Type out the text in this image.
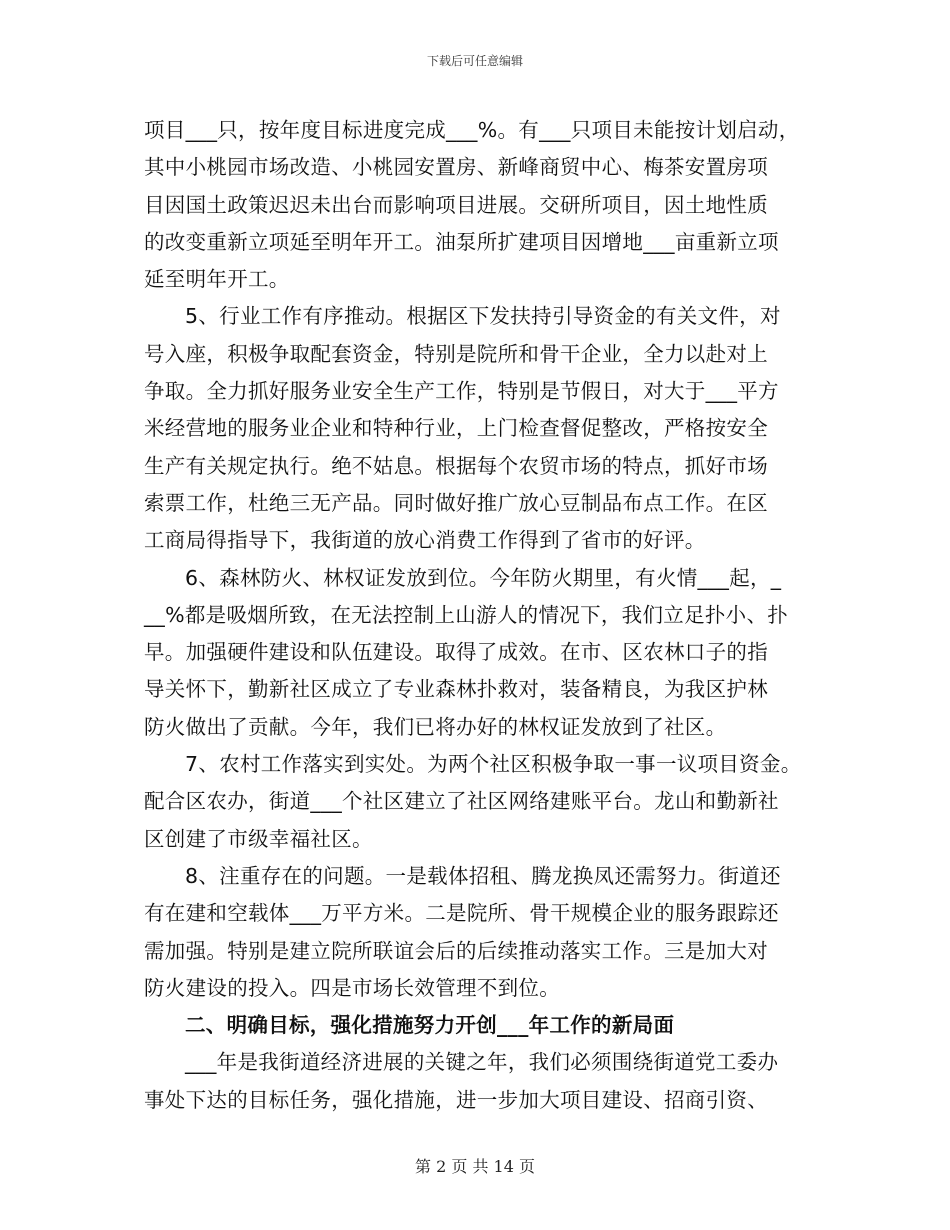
下载后可任意编辑
项目___只，按年度目标进度完成___%。有___只项目未能按计划启动，
其中小桃园市场改造、小桃园安置房、新峰商贸中心、梅茶安置房项
目因国土政策迟迟未出台而影响项目进展。交研所项目，因土地性质
的改变重新立项延至明年开工。油泵所扩建项目因增地___亩重新立项
延至明年开工。
5、行业工作有序推动。根据区下发扶持引导资金的有关文件，对
号入座，积极争取配套资金，特别是院所和骨干企业，全力以赴对上
争取。全力抓好服务业安全生产工作，特别是节假日，对大于___平方
米经营地的服务业企业和特种行业，上门检查督促整改，严格按安全
生产有关规定执行。绝不姑息。根据每个农贸市场的特点，抓好市场
索票工作，杜绝三无产品。同时做好推广放心豆制品布点工作。在区
工商局得指导下，我街道的放心消费工作得到了省市的好评。
6、森林防火、林权证发放到位。今年防火期里，有火情___起，_
__%都是吸烟所致，在无法控制上山游人的情况下，我们立足扑小、扑
早。加强硬件建设和队伍建设。取得了成效。在市、区农林口子的指
导关怀下，勤新社区成立了专业森林扑救对，装备精良，为我区护林
防火做出了贡献。今年，我们已将办好的林权证发放到了社区。
7、农村工作落实到实处。为两个社区积极争取一事一议项目资金。
配合区农办，街道___个社区建立了社区网络建账平台。龙山和勤新社
区创建了市级幸福社区。
8、注重存在的问题。一是载体招租、腾龙换凤还需努力。街道还
有在建和空载体___万平方米。二是院所、骨干规模企业的服务跟踪还
需加强。特别是建立院所联谊会后的后续推动落实工作。三是加大对
防火建设的投入。四是市场长效管理不到位。
二、明确目标，强化措施努力开创___年工作的新局面
___年是我街道经济进展的关键之年，我们必须围绕街道党工委办
事处下达的目标任务，强化措施，进一步加大项目建设、招商引资、
第 2 页 共 14 页
